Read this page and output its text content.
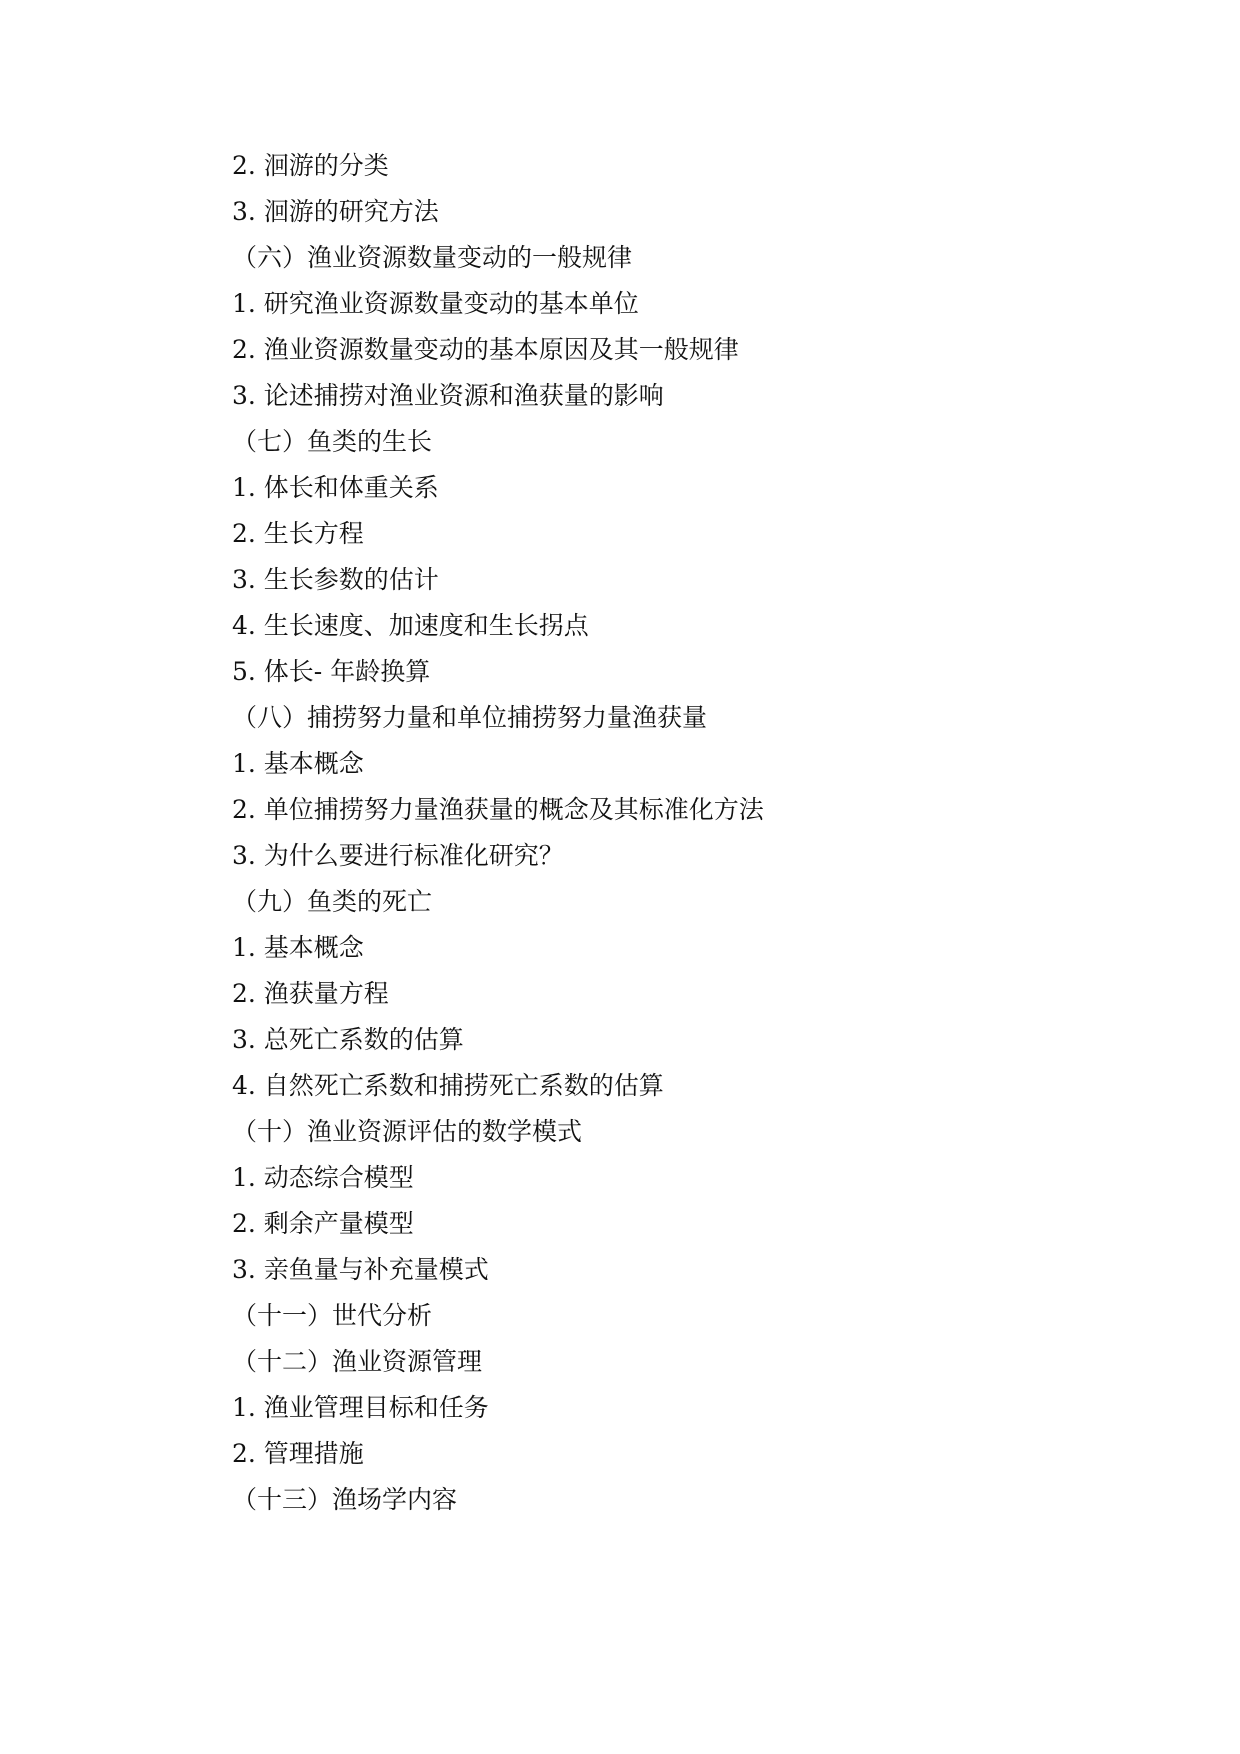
2. 洄游的分类
3. 洄游的研究方法
（六）渔业资源数量变动的一般规律
1. 研究渔业资源数量变动的基本单位
2. 渔业资源数量变动的基本原因及其一般规律
3. 论述捕捞对渔业资源和渔获量的影响
（七）鱼类的生长
1. 体长和体重关系
2. 生长方程
3. 生长参数的估计
4. 生长速度、加速度和生长拐点
5. 体长- 年龄换算
（八）捕捞努力量和单位捕捞努力量渔获量
1. 基本概念
2. 单位捕捞努力量渔获量的概念及其标准化方法
3. 为什么要进行标准化研究？
（九）鱼类的死亡
1. 基本概念
2. 渔获量方程
3. 总死亡系数的估算
4. 自然死亡系数和捕捞死亡系数的估算
（十）渔业资源评估的数学模式
1. 动态综合模型
2. 剩余产量模型
3. 亲鱼量与补充量模式
（十一）世代分析
（十二）渔业资源管理
1. 渔业管理目标和任务
2. 管理措施
（十三）渔场学内容
